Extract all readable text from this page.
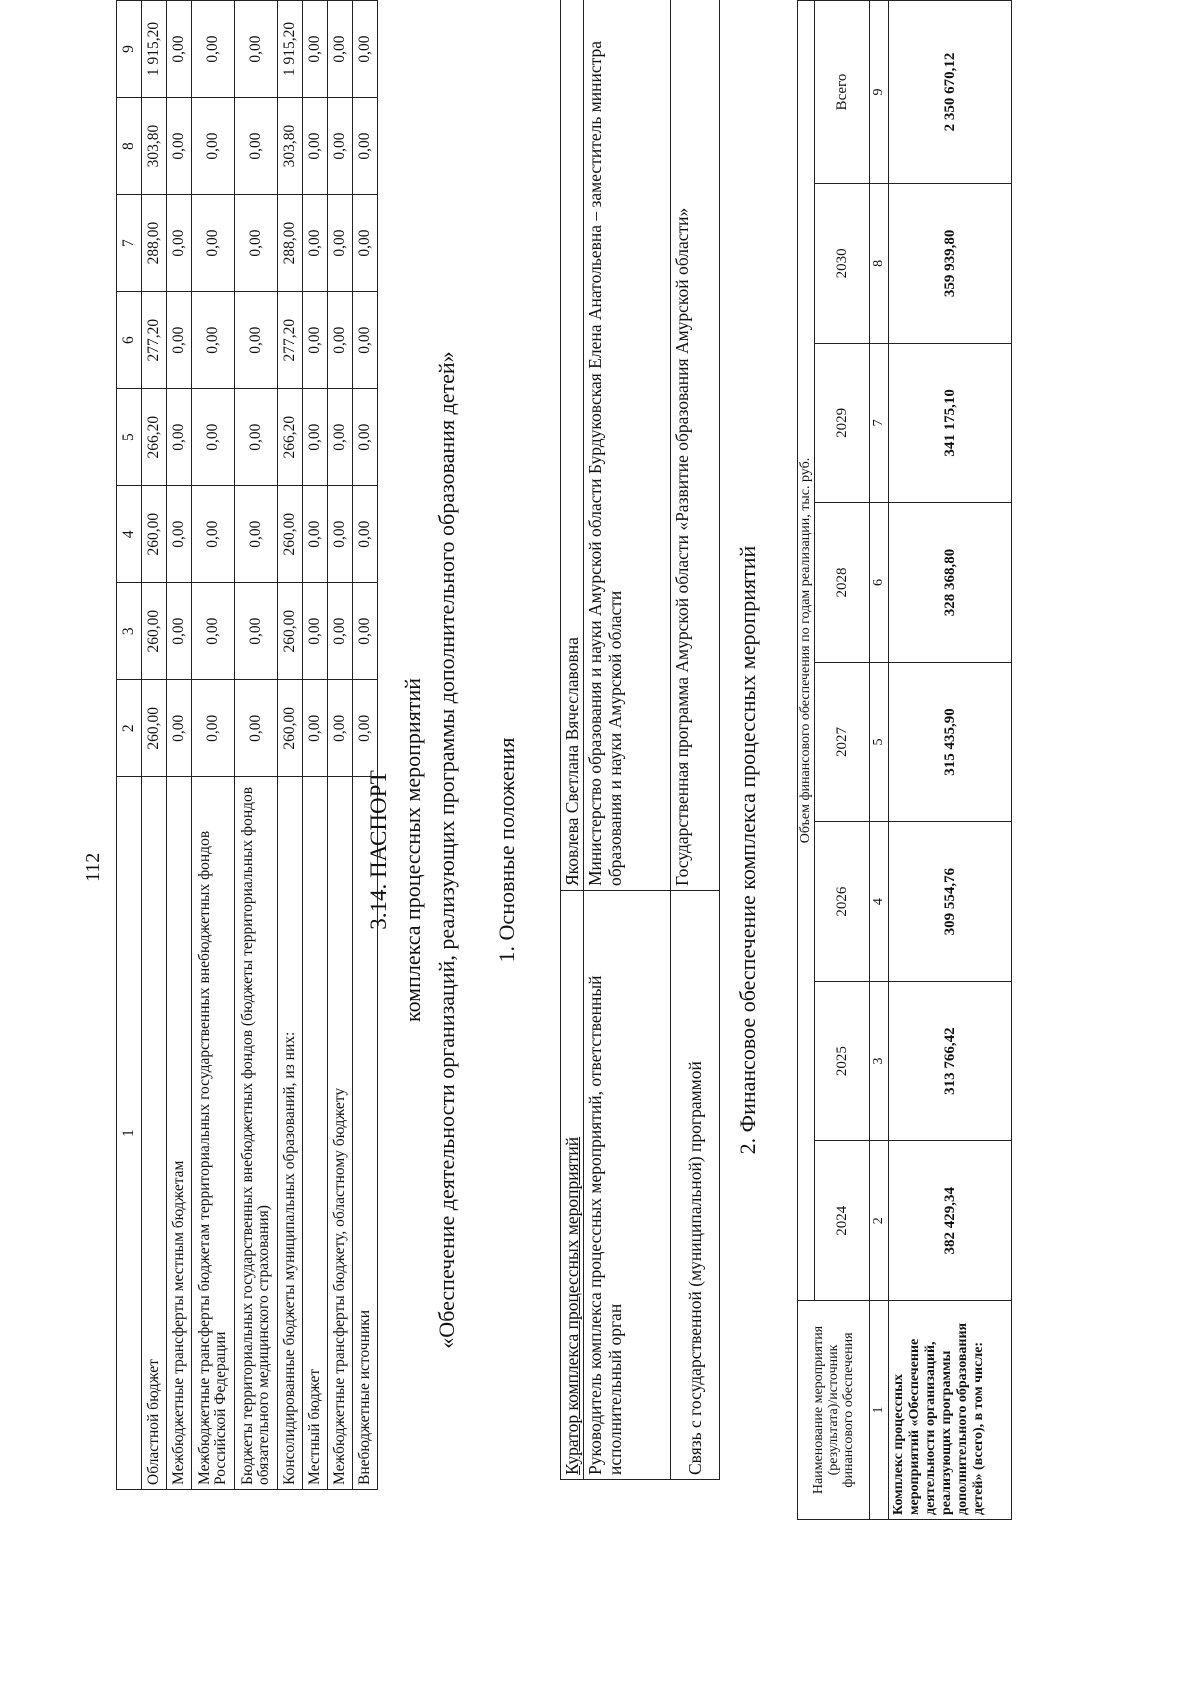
112
1	2	3	4	5	6	7	8	9
Областной бюджет	260,00	260,00	260,00	266,20	277,20	288,00	303,80	1 915,20
Межбюджетные трансферты местным бюджетам	0,00	0,00	0,00	0,00	0,00	0,00	0,00	0,00
Межбюджетные трансферты бюджетам территориальных государственных внебюджетных фондов Российской Федерации	0,00	0,00	0,00	0,00	0,00	0,00	0,00	0,00
Бюджеты территориальных государственных внебюджетных фондов (бюджеты территориальных фондов обязательного медицинского страхования)	0,00	0,00	0,00	0,00	0,00	0,00	0,00	0,00
Консолидированные бюджеты муниципальных образований, из них:	260,00	260,00	260,00	266,20	277,20	288,00	303,80	1 915,20
Местный бюджет	0,00	0,00	0,00	0,00	0,00	0,00	0,00	0,00
Межбюджетные трансферты бюджету, областному бюджету	0,00	0,00	0,00	0,00	0,00	0,00	0,00	0,00
Внебюджетные источники	0,00	0,00	0,00	0,00	0,00	0,00	0,00	0,00
3.14. ПАСПОРТ комплекса процессных мероприятий «Обеспечение деятельности организаций, реализующих программы дополнительного образования детей» 1. Основные положения
Куратор комплекса процессных мероприятий	Яковлева Светлана Вячеславовна
Руководитель комплекса процессных мероприятий, ответственный исполнительный орган	Министерство образования и науки Амурской области Бурдуковская Елена Анатольевна – заместитель министра образования и науки Амурской области
Связь с государственной (муниципальной) программой	Государственная программа Амурской области «Развитие образования Амурской области» 2. Финансовое обеспечение комплекса процессных мероприятий
Наименование мероприятия (результата)/источник финансового обеспечения	Объем финансового обеспечения по годам реализации, тыс. руб.							
	2024	2025	2026	2027	2028	2029	2030	Всего
1	2	3	4	5	6	7	8	9
Комплекс процессных мероприятий «Обеспечение деятельности организаций, реализующих программы дополнительного образования детей» (всего), в том числе:	382 429,34	313 766,42	309 554,76	315 435,90	328 368,80	341 175,10	359 939,80	2 350 670,12
